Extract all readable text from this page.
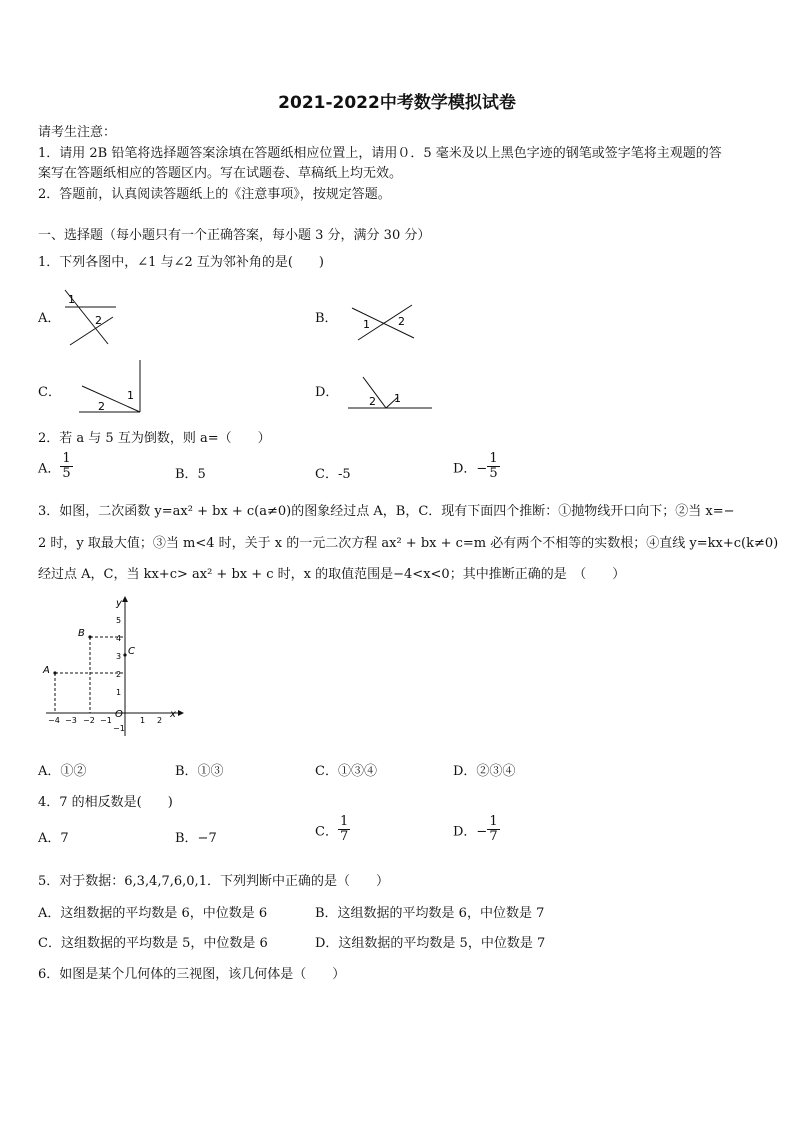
2021-2022中考数学模拟试卷
请考生注意：
1．请用 2B 铅笔将选择题答案涂填在答题纸相应位置上，请用０．5 毫米及以上黑色字迹的钢笔或签字笔将主观题的答
案写在答题纸相应的答题区内。写在试题卷、草稿纸上均无效。
2．答题前，认真阅读答题纸上的《注意事项》，按规定答题。
一、选择题（每小题只有一个正确答案，每小题 3 分，满分 30 分）
1．下列各图中，∠1 与∠2 互为邻补角的是(　　)
A．
1
2	B． 1	2
C．	1
2
D．	1
2
2．若 a 与 5 互为倒数，则 a=（　　）
A． $\frac{1}{5}$	B．5	C．-5	D．− $\frac{1}{5}$
3．如图，二次函数 y=ax² + bx + c(a≠0)的图象经过点 A，B，C．现有下面四个推断：①抛物线开口向下；②当 x=−
2 时，y 取最大值；③当 m<4 时，关于 x 的一元二次方程 ax² + bx + c=m 必有两个不相等的实数根；④直线 y=kx+c(k≠0)
经过点 A，C，当 kx+c> ax² + bx + c 时，x 的取值范围是−4<x<0；其中推断正确的是　（　　）
y
x
O
A
B
C
5
4
3
2
1
−1
−4 −3 −2 −1	1 2
A．①②	B．①③	C．①③④	D．②③④
4．7 的相反数是(　　)
A．7	B．−7	C． $\frac{1}{7}$	D．− $\frac{1}{7}$
5．对于数据：6,3,4,7,6,0,1．下列判断中正确的是（　　）
A．这组数据的平均数是 6，中位数是 6	B．这组数据的平均数是 6，中位数是 7
C．这组数据的平均数是 5，中位数是 6	D．这组数据的平均数是 5，中位数是 7
6．如图是某个几何体的三视图，该几何体是（　　）
